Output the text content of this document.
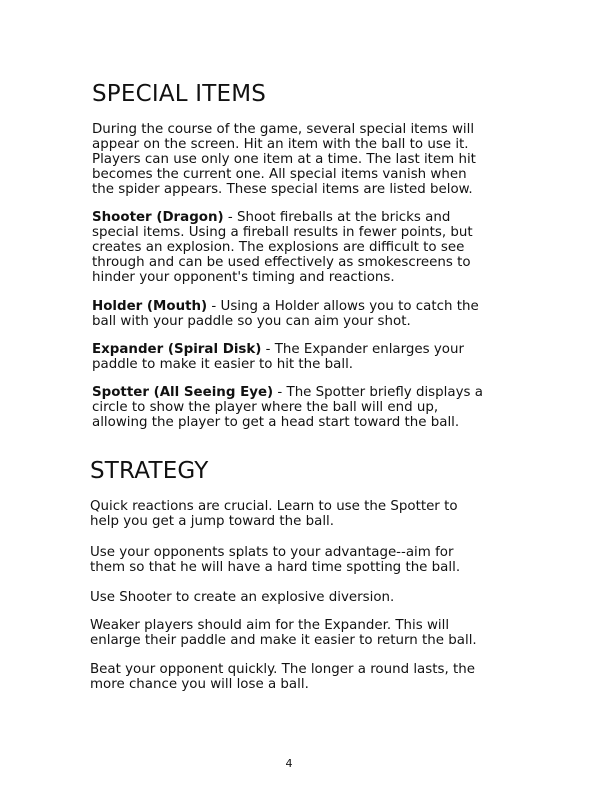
SPECIAL ITEMS

During the course of the game, several special items will appear on the screen. Hit an item with the ball to use it. Players can use only one item at a time. The last item hit becomes the current one. All special items vanish when the spider appears. These special items are listed below.

Shooter (Dragon) - Shoot fireballs at the bricks and special items. Using a fireball results in fewer points, but creates an explosion. The explosions are difficult to see through and can be used effectively as smokescreens to hinder your opponent's timing and reactions.

Holder (Mouth) - Using a Holder allows you to catch the ball with your paddle so you can aim your shot.

Expander (Spiral Disk) - The Expander enlarges your paddle to make it easier to hit the ball.

Spotter (All Seeing Eye) - The Spotter briefly displays a circle to show the player where the ball will end up, allowing the player to get a head start toward the ball.

STRATEGY

Quick reactions are crucial. Learn to use the Spotter to help you get a jump toward the ball.

Use your opponents splats to your advantage--aim for them so that he will have a hard time spotting the ball.

Use Shooter to create an explosive diversion.

Weaker players should aim for the Expander. This will enlarge their paddle and make it easier to return the ball.

Beat your opponent quickly. The longer a round lasts, the more chance you will lose a ball.

4
